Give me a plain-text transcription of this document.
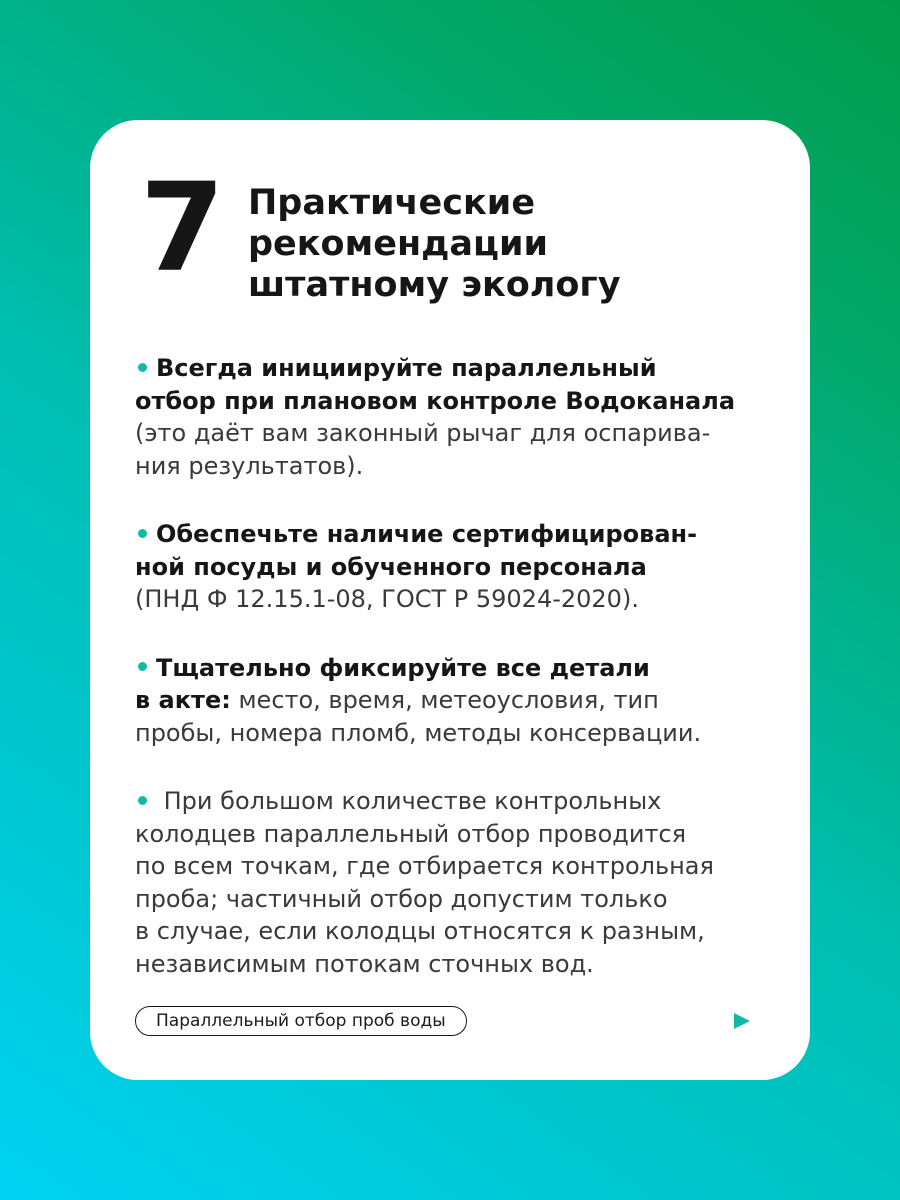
7 Практические
рекомендации
штатному экологу
Всегда инициируйте параллельный
отбор при плановом контроле Водоканала
(это даёт вам законный рычаг для оспарива-
ния результатов).
Обеспечьте наличие сертифицирован-
ной посуды и обученного персонала
(ПНД Ф 12.15.1-08, ГОСТ Р 59024-2020).
Тщательно фиксируйте все детали
в акте: место, время, метеоусловия, тип
пробы, номера пломб, методы консервации.
При большом количестве контрольных
колодцев параллельный отбор проводится
по всем точкам, где отбирается контрольная
проба; частичный отбор допустим только
в случае, если колодцы относятся к разным,
независимым потокам сточных вод.
Параллельный отбор проб воды
